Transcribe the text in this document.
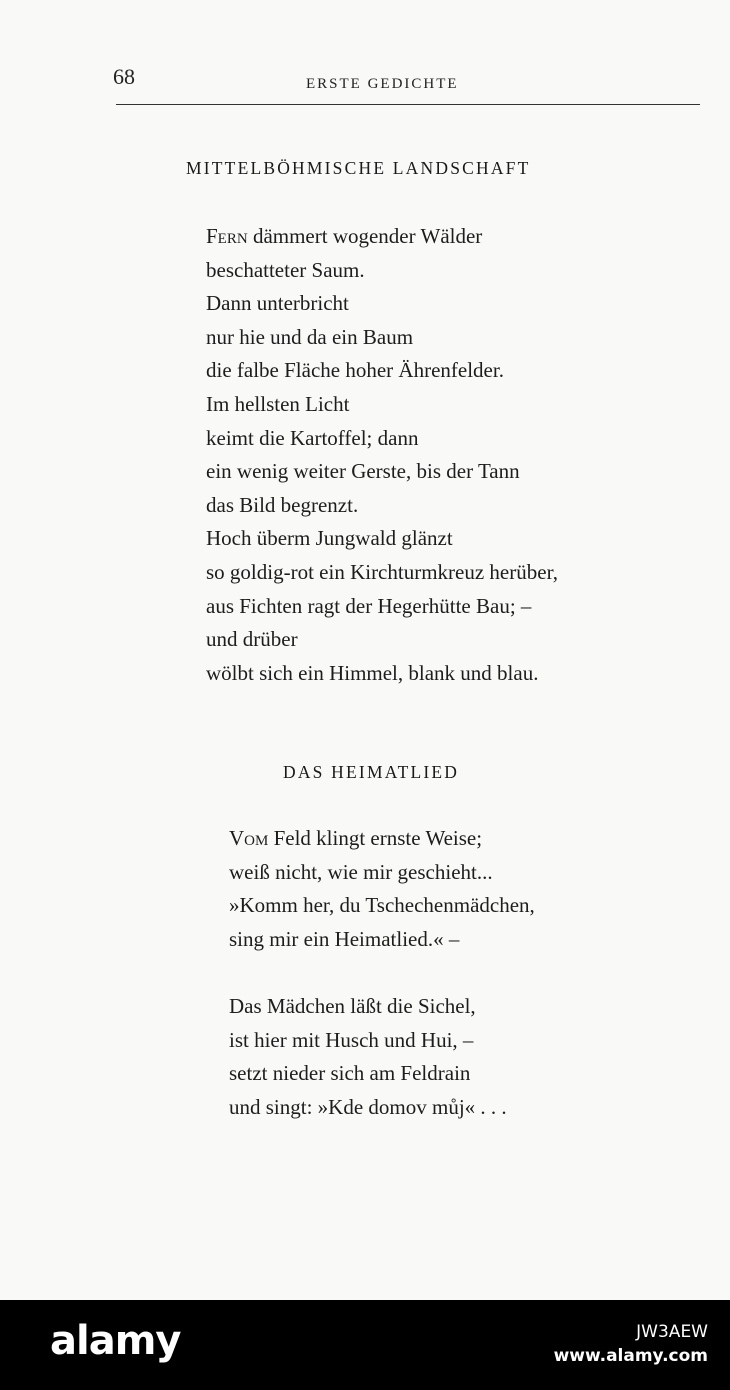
68	ERSTE GEDICHTE
MITTELBÖHMISCHE LANDSCHAFT
Fern dämmert wogender Wälder
beschatteter Saum.
Dann unterbricht
nur hie und da ein Baum
die falbe Fläche hoher Ährenfelder.
Im hellsten Licht
keimt die Kartoffel; dann
ein wenig weiter Gerste, bis der Tann
das Bild begrenzt.
Hoch überm Jungwald glänzt
so goldig-rot ein Kirchturmkreuz herüber,
aus Fichten ragt der Hegerhütte Bau; –
und drüber
wölbt sich ein Himmel, blank und blau.
DAS HEIMATLIED
Vom Feld klingt ernste Weise;
weiß nicht, wie mir geschieht...
»Komm her, du Tschechenmädchen,
sing mir ein Heimatlied.« –
Das Mädchen läßt die Sichel,
ist hier mit Husch und Hui, –
setzt nieder sich am Feldrain
und singt: »Kde domov můj« . . .
alamy	JW3AEW
www.alamy.com
